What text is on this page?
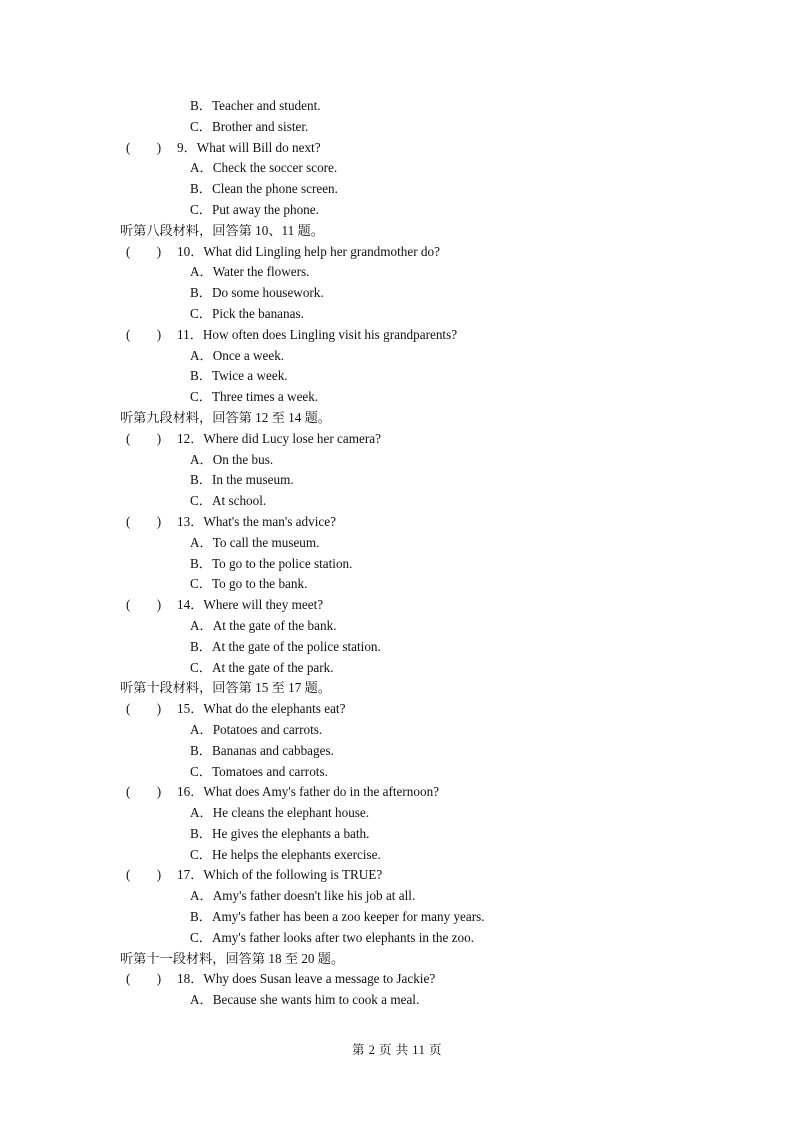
B．Teacher and student.
C．Brother and sister.
(　　) 9．What will Bill do next?
A．Check the soccer score.
B．Clean the phone screen.
C．Put away the phone.
听第八段材料，回答第 10、11 题。
(　　) 10．What did Lingling help her grandmother do?
A．Water the flowers.
B．Do some housework.
C．Pick the bananas.
(　　) 11．How often does Lingling visit his grandparents?
A．Once a week.
B．Twice a week.
C．Three times a week.
听第九段材料，回答第 12 至 14 题。
(　　) 12．Where did Lucy lose her camera?
A．On the bus.
B．In the museum.
C．At school.
(　　) 13．What's the man's advice?
A．To call the museum.
B．To go to the police station.
C．To go to the bank.
(　　) 14．Where will they meet?
A．At the gate of the bank.
B．At the gate of the police station.
C．At the gate of the park.
听第十段材料，回答第 15 至 17 题。
(　　) 15．What do the elephants eat?
A．Potatoes and carrots.
B．Bananas and cabbages.
C．Tomatoes and carrots.
(　　) 16．What does Amy's father do in the afternoon?
A．He cleans the elephant house.
B．He gives the elephants a bath.
C．He helps the elephants exercise.
(　　) 17．Which of the following is TRUE?
A．Amy's father doesn't like his job at all.
B．Amy's father has been a zoo keeper for many years.
C．Amy's father looks after two elephants in the zoo.
听第十一段材料，回答第 18 至 20 题。
(　　) 18．Why does Susan leave a message to Jackie?
A．Because she wants him to cook a meal.
第 2 页 共 11 页
